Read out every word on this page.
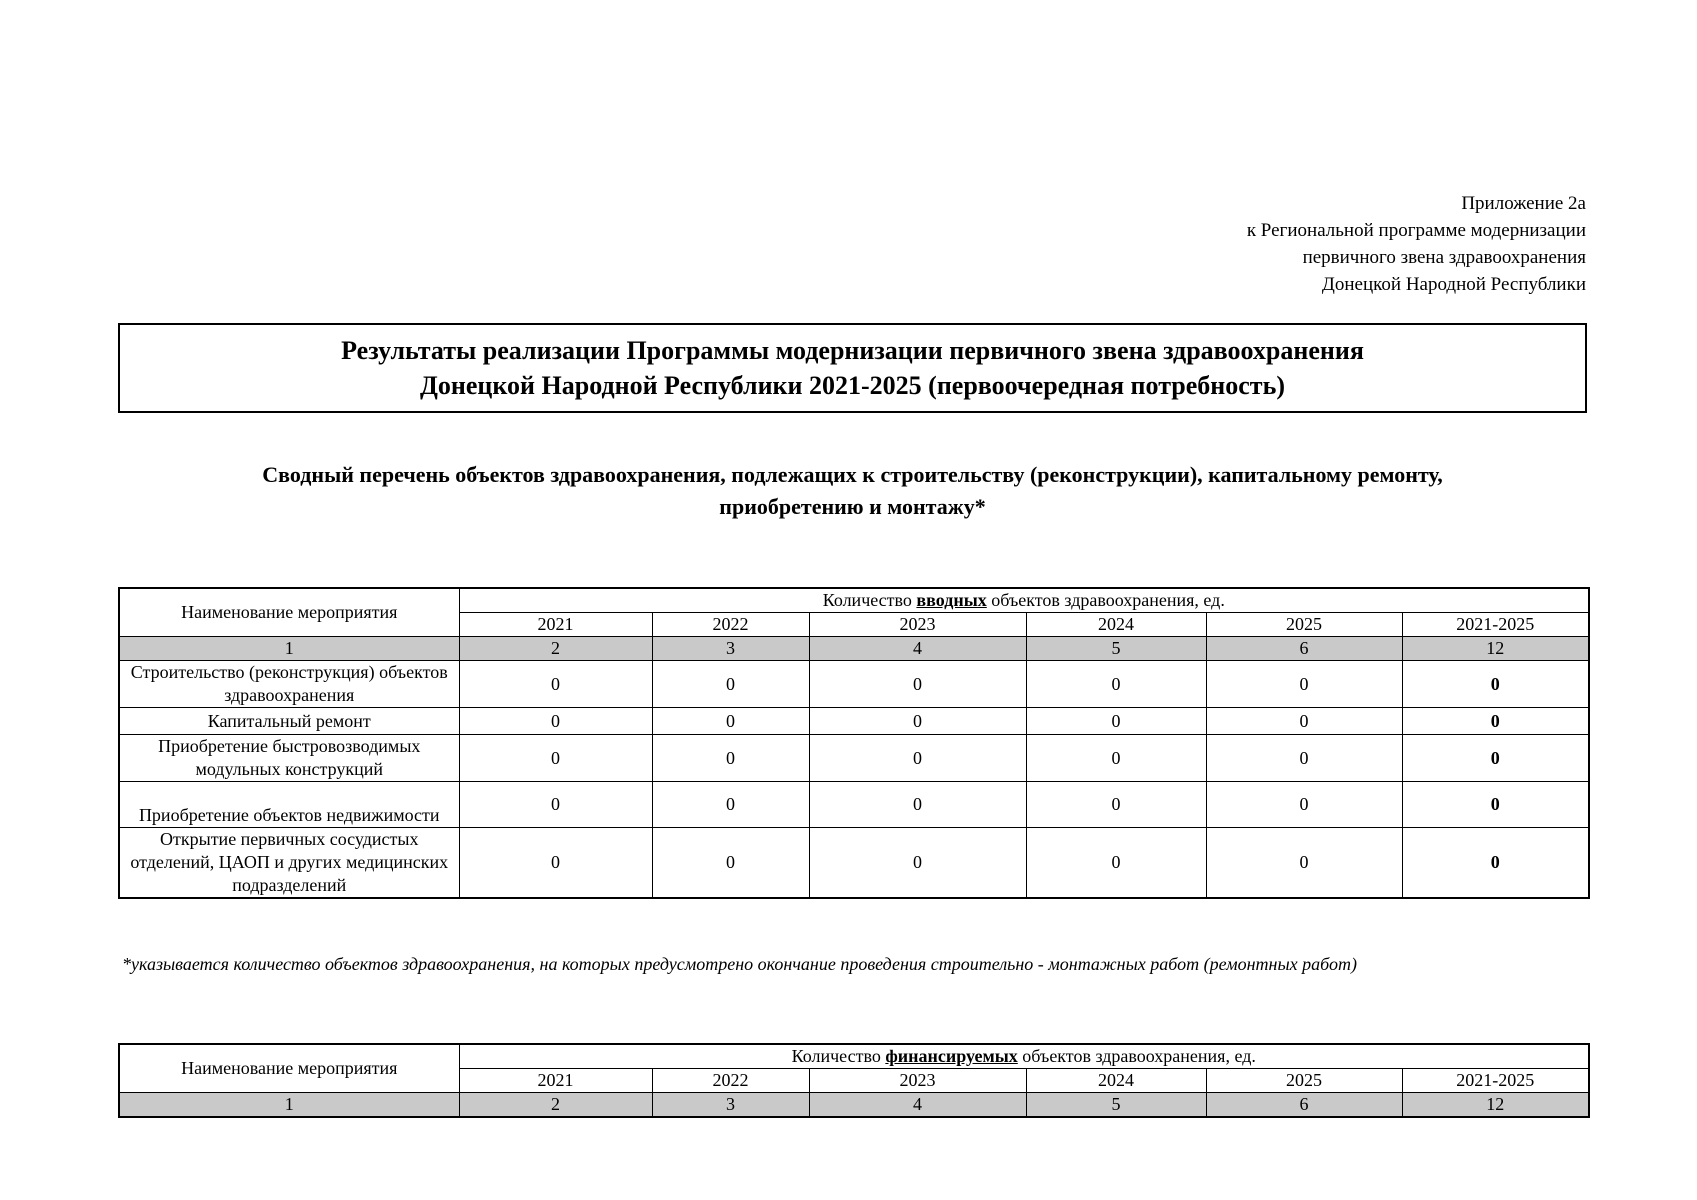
Приложение 2а
к Региональной программе модернизации
первичного звена здравоохранения
Донецкой Народной Республики
Результаты реализации Программы модернизации первичного звена здравоохранения
Донецкой Народной Республики 2021-2025 (первоочередная потребность)
Сводный перечень объектов здравоохранения, подлежащих к строительству (реконструкции), капитальному ремонту,
приобретению и монтажу*
Наименование мероприятия	Количество вводных объектов здравоохранения, ед.					
	2021	2022	2023	2024	2025	2021-2025
1	2	3	4	5	6	12
Строительство (реконструкция) объектов здравоохранения	0	0	0	0	0	0
Капитальный ремонт	0	0	0	0	0	0
Приобретение быстровозводимых модульных конструкций	0	0	0	0	0	0
Приобретение объектов недвижимости	0	0	0	0	0	0
Открытие первичных сосудистых отделений, ЦАОП и других медицинских подразделений	0	0	0	0	0	0
*указывается количество объектов здравоохранения, на которых предусмотрено окончание проведения строительно - монтажных работ (ремонтных работ)
Наименование мероприятия	Количество финансируемых объектов здравоохранения, ед.					
	2021	2022	2023	2024	2025	2021-2025
1	2	3	4	5	6	12
